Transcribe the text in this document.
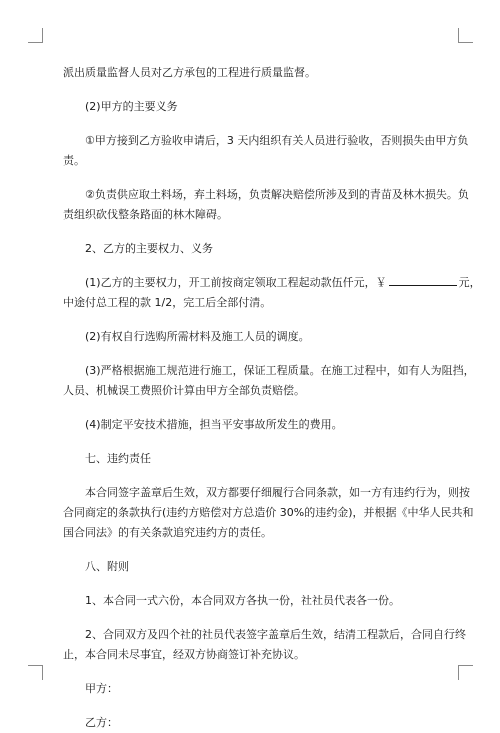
派出质量监督人员对乙方承包的工程进行质量监督。
(2)甲方的主要义务
①甲方接到乙方验收申请后，3 天内组织有关人员进行验收，否则损失由甲方负
责。
②负责供应取土料场，弃土料场，负责解决赔偿所涉及到的青苗及林木损失。负
责组织砍伐整条路面的林木障碍。
2、乙方的主要权力、义务
(1)乙方的主要权力，开工前按商定领取工程起动款伍仟元，￥	元，
中途付总工程的款 1/2，完工后全部付清。
(2)有权自行选购所需材料及施工人员的调度。
(3)严格根据施工规范进行施工，保证工程质量。在施工过程中，如有人为阻挡，
人员、机械误工费照价计算由甲方全部负责赔偿。
(4)制定平安技术措施，担当平安事故所发生的费用。
七、违约责任
本合同签字盖章后生效，双方都要仔细履行合同条款，如一方有违约行为，则按
合同商定的条款执行(违约方赔偿对方总造价 30%的违约金)，并根据《中华人民共和
国合同法》的有关条款追究违约方的责任。
八、附则
1、本合同一式六份，本合同双方各执一份，社社员代表各一份。
2、合同双方及四个社的社员代表签字盖章后生效，结清工程款后，合同自行终
止，本合同未尽事宜，经双方协商签订补充协议。
甲方：
乙方：
